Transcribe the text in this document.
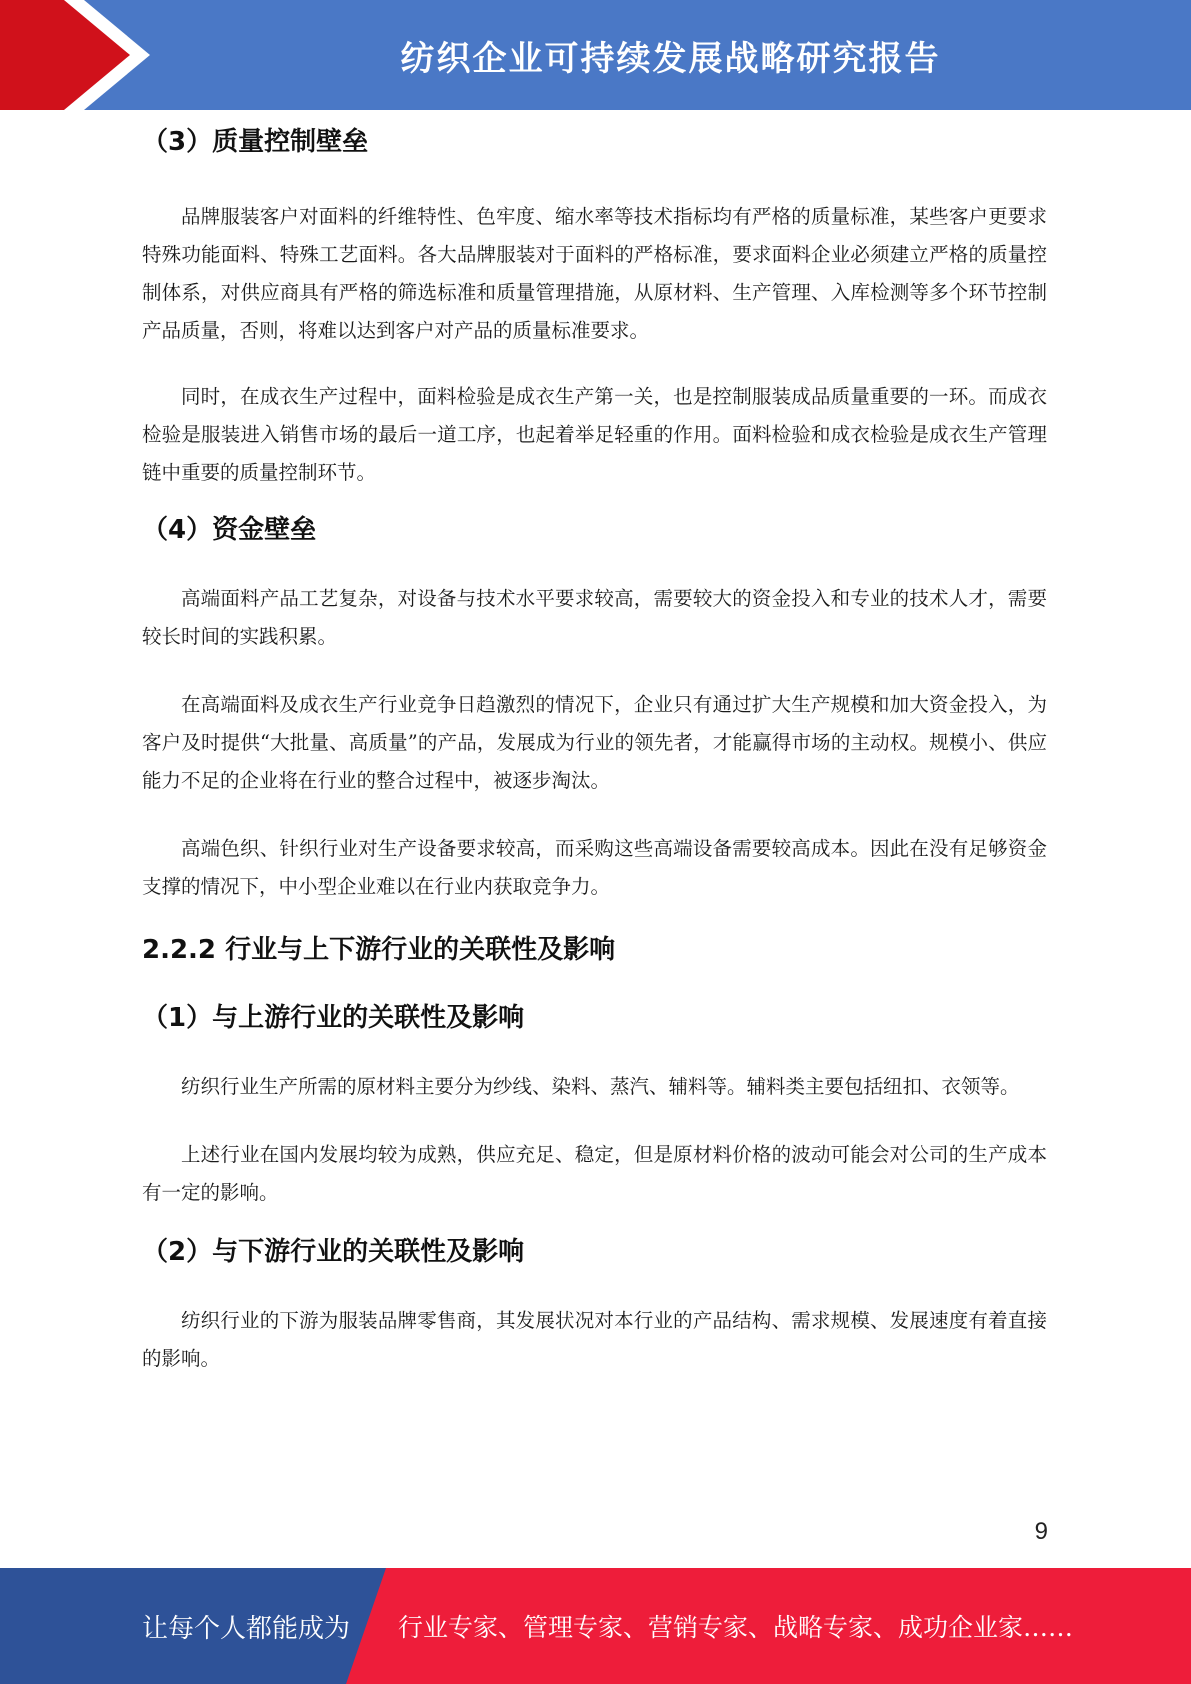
纺织企业可持续发展战略研究报告
（3）质量控制壁垒

品牌服装客户对面料的纤维特性、色牢度、缩水率等技术指标均有严格的质量标准，某些客户更要求特殊功能面料、特殊工艺面料。各大品牌服装对于面料的严格标准，要求面料企业必须建立严格的质量控制体系，对供应商具有严格的筛选标准和质量管理措施，从原材料、生产管理、入库检测等多个环节控制产品质量，否则，将难以达到客户对产品的质量标准要求。

同时，在成衣生产过程中，面料检验是成衣生产第一关，也是控制服装成品质量重要的一环。而成衣检验是服装进入销售市场的最后一道工序，也起着举足轻重的作用。面料检验和成衣检验是成衣生产管理链中重要的质量控制环节。

（4）资金壁垒

高端面料产品工艺复杂，对设备与技术水平要求较高，需要较大的资金投入和专业的技术人才，需要较长时间的实践积累。

在高端面料及成衣生产行业竞争日趋激烈的情况下，企业只有通过扩大生产规模和加大资金投入，为客户及时提供“大批量、高质量”的产品，发展成为行业的领先者，才能赢得市场的主动权。规模小、供应能力不足的企业将在行业的整合过程中，被逐步淘汰。

高端色织、针织行业对生产设备要求较高，而采购这些高端设备需要较高成本。因此在没有足够资金支撑的情况下，中小型企业难以在行业内获取竞争力。

2.2.2 行业与上下游行业的关联性及影响
（1）与上游行业的关联性及影响

纺织行业生产所需的原材料主要分为纱线、染料、蒸汽、辅料等。辅料类主要包括纽扣、衣领等。

上述行业在国内发展均较为成熟，供应充足、稳定，但是原材料价格的波动可能会对公司的生产成本有一定的影响。

（2）与下游行业的关联性及影响

纺织行业的下游为服装品牌零售商，其发展状况对本行业的产品结构、需求规模、发展速度有着直接的影响。

9
让每个人都能成为 行业专家、管理专家、营销专家、战略专家、成功企业家……
